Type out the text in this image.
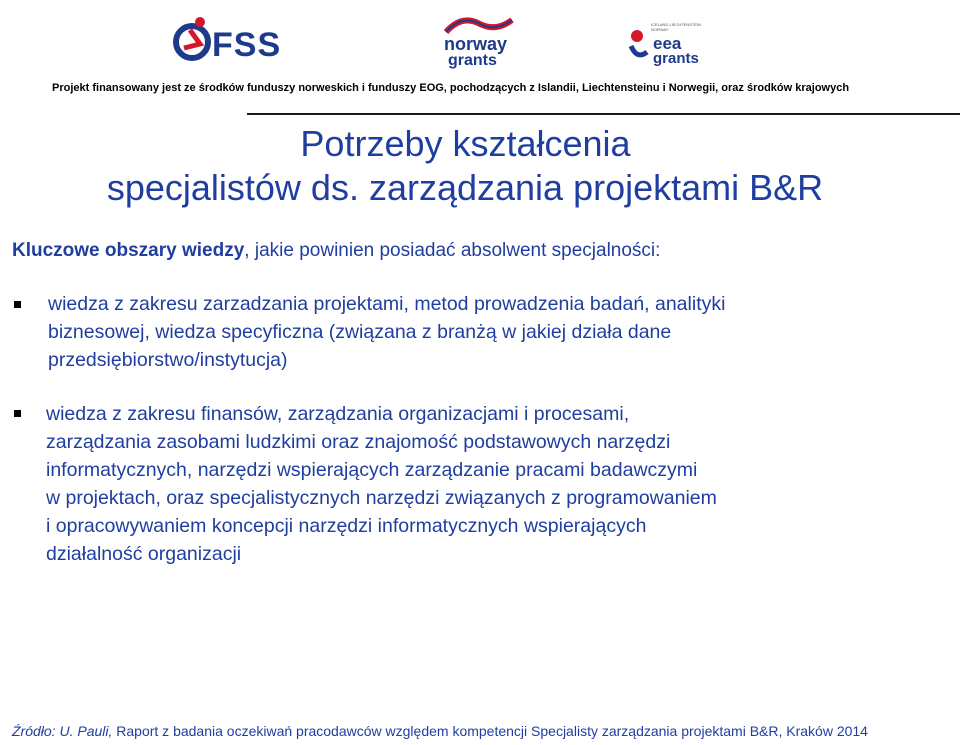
FSS	norway
grants
ICELAND LIECHTENSTEIN NORWAY
eea
grants
Projekt finansowany jest ze środków funduszy norweskich i funduszy EOG, pochodzących z Islandii, Liechtensteinu i Norwegii, oraz środków krajowych
Potrzeby kształcenia
specjalistów ds. zarządzania projektami B&R
Kluczowe obszary wiedzy, jakie powinien posiadać absolwent specjalności:
wiedza z zakresu zarzadzania projektami, metod prowadzenia badań, analityki
biznesowej, wiedza specyficzna (związana z branżą w jakiej działa dane
przedsiębiorstwo/instytucja)
wiedza z zakresu finansów, zarządzania organizacjami i procesami,
zarządzania zasobami ludzkimi oraz znajomość podstawowych narzędzi
informatycznych, narzędzi wspierających zarządzanie pracami badawczymi
w projektach, oraz specjalistycznych narzędzi związanych z programowaniem
i opracowywaniem koncepcji narzędzi informatycznych wspierających
działalność organizacji
Źródło: U. Pauli, Raport z badania oczekiwań pracodawców względem kompetencji Specjalisty zarządzania projektami B&R, Kraków 2014
